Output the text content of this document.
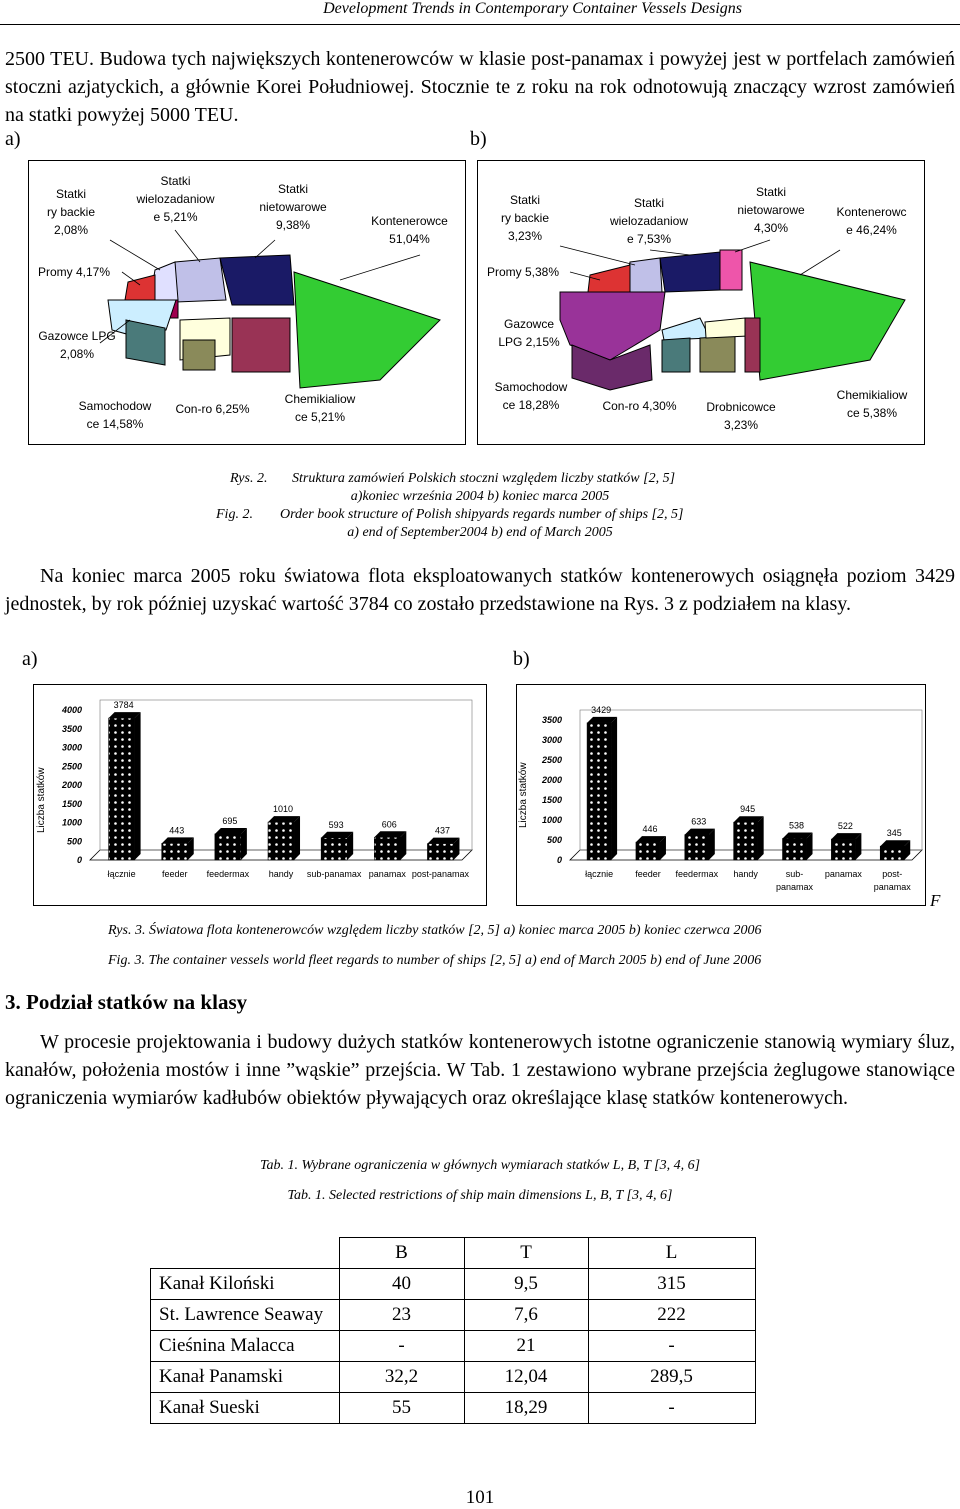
Development Trends in Contemporary Container Vessels Designs

2500 TEU. Budowa tych największych kontenerowców w klasie post-panamax i powyżej jest w portfelach zamówień stoczni azjatyckich, a głównie Korei Południowej. Stocznie te z roku na rok odnotowują znaczący wzrost zamówień na statki powyżej 5000 TEU.

a)	b)
Statki
ry backie
2,08%
Statki
wielozadaniow
e 5,21%
Statki
nietowarowe
9,38%	Kontenerowce
51,04%
Promy 4,17%
Gazowce LPG
2,08%
Samochodow
ce 14,58%
Con-ro 6,25%
Chemikialiow
ce 5,21%
Statki
ry backie
3,23%
Statki
wielozadaniow
e 7,53%
Statki
nietowarowe
4,30%
Kontenerowc
e 46,24%
Promy 5,38%
Gazowce
LPG 2,15%
Samochodow
ce 18,28%	Con-ro 4,30%	Drobnicowce
3,23%
Chemikialiow
ce 5,38%
Rys. 2. Struktura zamówień Polskich stoczni względem liczby statków [2, 5]
a)koniec września 2004 b) koniec marca 2005
Fig. 2.	Order book structure of Polish shipyards regards number of ships [2, 5]
a) end of September2004 b) end of March 2005

Na koniec marca 2005 roku światowa flota eksploatowanych statków kontenerowych osiągnęła poziom 3429 jednostek, by rok później uzyskać wartość 3784 co zostało przedstawione na Rys. 3 z podziałem na klasy.

a)	b)
4000
3500
3000
2500
2000
1500
1000
500
0
3784
łącznie
443
feeder
695
feedermax
1010
handy
593
sub-panamax
606
panamax
437
post-panamax
3500
3000
2500
2000
1500
1000
500
0
3429
łącznie
446
feeder
633
feedermax
945
handy
538
sub-
panamax
522
panamax
345
post-
panamax
Liczba statków	Liczba statków
F
Rys. 3. Światowa flota kontenerowców względem liczby statków [2, 5] a) koniec marca 2005 b) koniec czerwca 2006
Fig. 3. The container vessels world fleet regards to number of ships [2, 5] a) end of March 2005 b) end of June 2006
3. Podział statków na klasy

W procesie projektowania i budowy dużych statków kontenerowych istotne ograniczenie stanowią wymiary śluz, kanałów, położenia mostów i inne ”wąskie” przejścia. W Tab. 1 zestawiono wybrane przejścia żeglugowe stanowiące ograniczenia wymiarów kadłubów obiektów pływających oraz określające klasę statków kontenerowych.

Tab. 1. Wybrane ograniczenia w głównych wymiarach statków L, B, T [3, 4, 6]
Tab. 1. Selected restrictions of ship main dimensions L, B, T [3, 4, 6]
	B	T	L
Kanał Kiloński	40	9,5	315
St. Lawrence Seaway	23	7,6	222
Cieśnina Malacca	-	21	-
Kanał Panamski	32,2	12,04	289,5
Kanał Sueski	55	18,29	-
101
